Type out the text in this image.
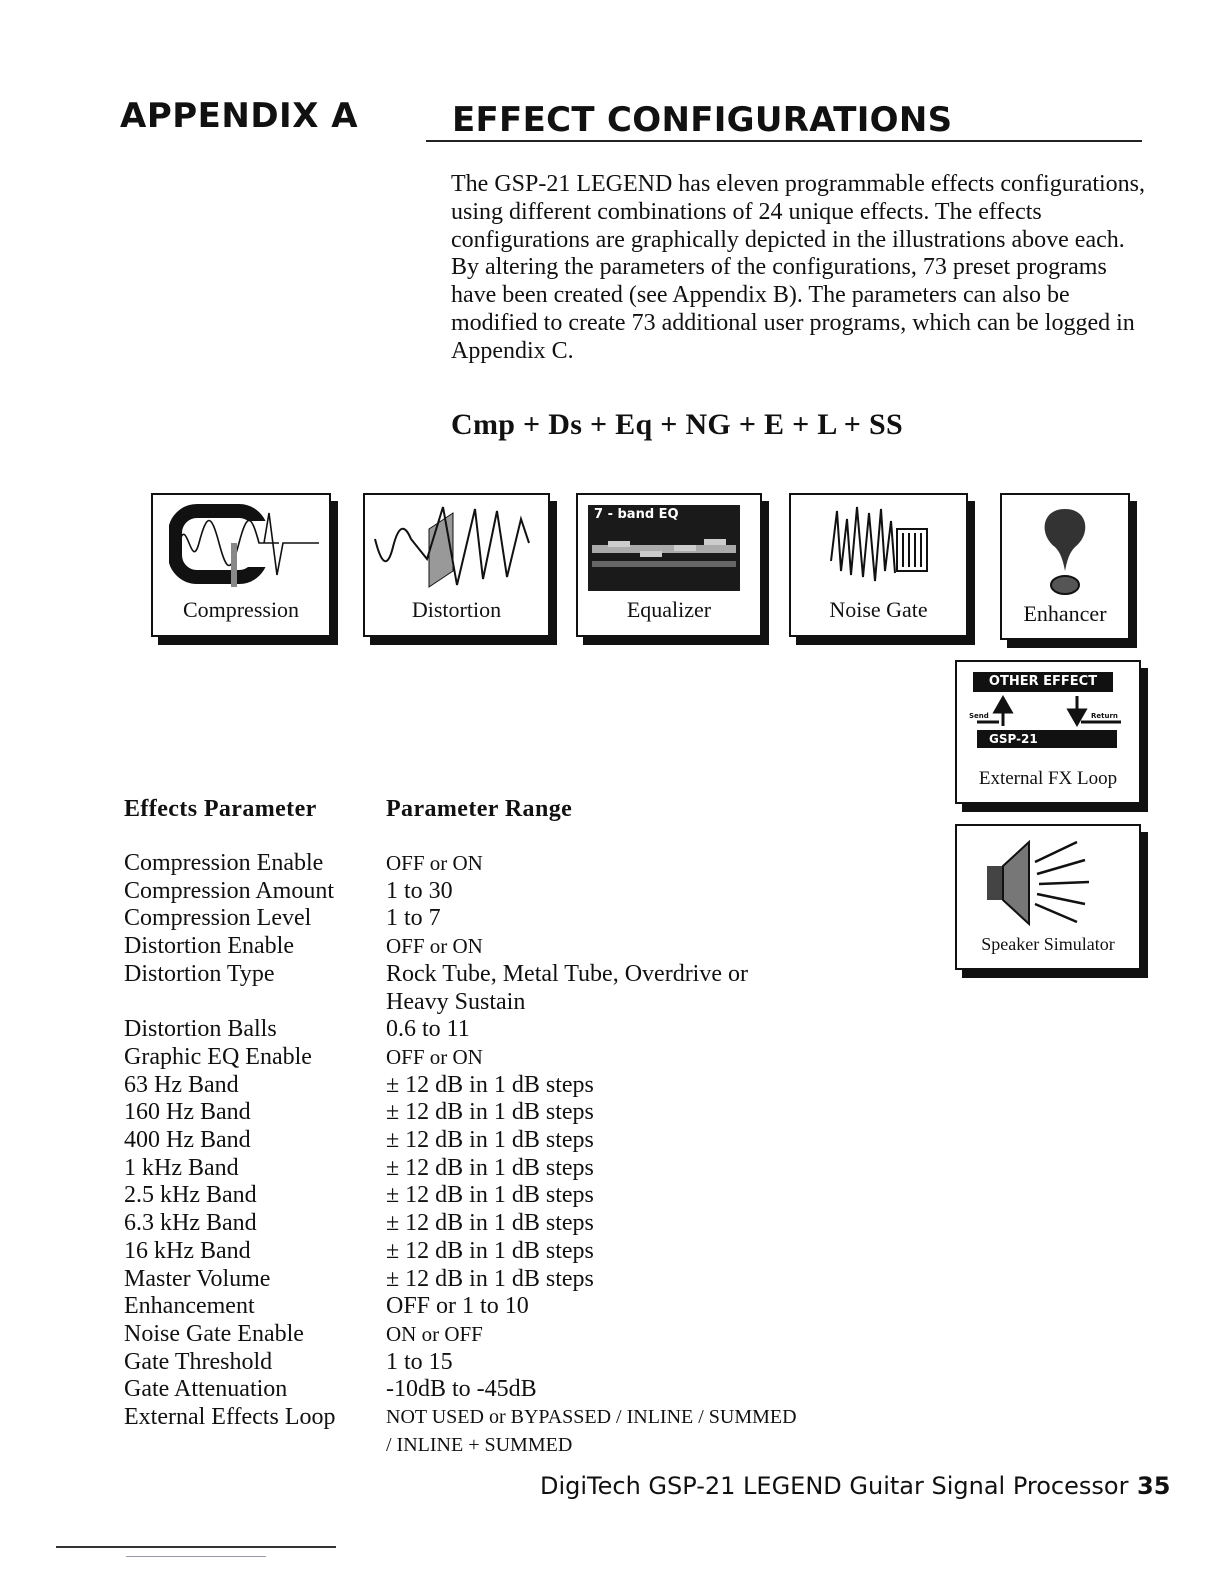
APPENDIX A	EFFECT CONFIGURATIONS

The GSP-21 LEGEND has eleven programmable effects configurations, using different combinations of 24 unique effects. The effects configurations are graphically depicted in the illustrations above each. By altering the parameters of the configurations, 73 preset programs have been created (see Appendix B). The parameters can also be modified to create 73 additional user programs, which can be logged in Appendix C.

Cmp + Ds + Eq + NG + E + L + SS
Compression	Distortion
7 - band EQ
Equalizer	Noise Gate	Enhancer
OTHER EFFECT
Send	Return
GSP-21
External FX Loop
Speaker Simulator
Effects Parameter	Parameter Range
Compression Enable	OFF or ON
Compression Amount	1 to 30
Compression Level	1 to 7
Distortion Enable	OFF or ON
Distortion Type	Rock Tube, Metal Tube, Overdrive or Heavy Sustain
Distortion Balls	0.6 to 11
Graphic EQ Enable	OFF or ON
63 Hz Band	± 12 dB in 1 dB steps
160 Hz Band	± 12 dB in 1 dB steps
400 Hz Band	± 12 dB in 1 dB steps
1 kHz Band	± 12 dB in 1 dB steps
2.5 kHz Band	± 12 dB in 1 dB steps
6.3 kHz Band	± 12 dB in 1 dB steps
16 kHz Band	± 12 dB in 1 dB steps
Master Volume	± 12 dB in 1 dB steps
Enhancement	OFF or 1 to 10
Noise Gate Enable	ON or OFF
Gate Threshold	1 to 15
Gate Attenuation	-10dB to -45dB
External Effects Loop	NOT USED or BYPASSED / INLINE / SUMMED / INLINE + SUMMED
DigiTech GSP-21 LEGEND Guitar Signal Processor 35
